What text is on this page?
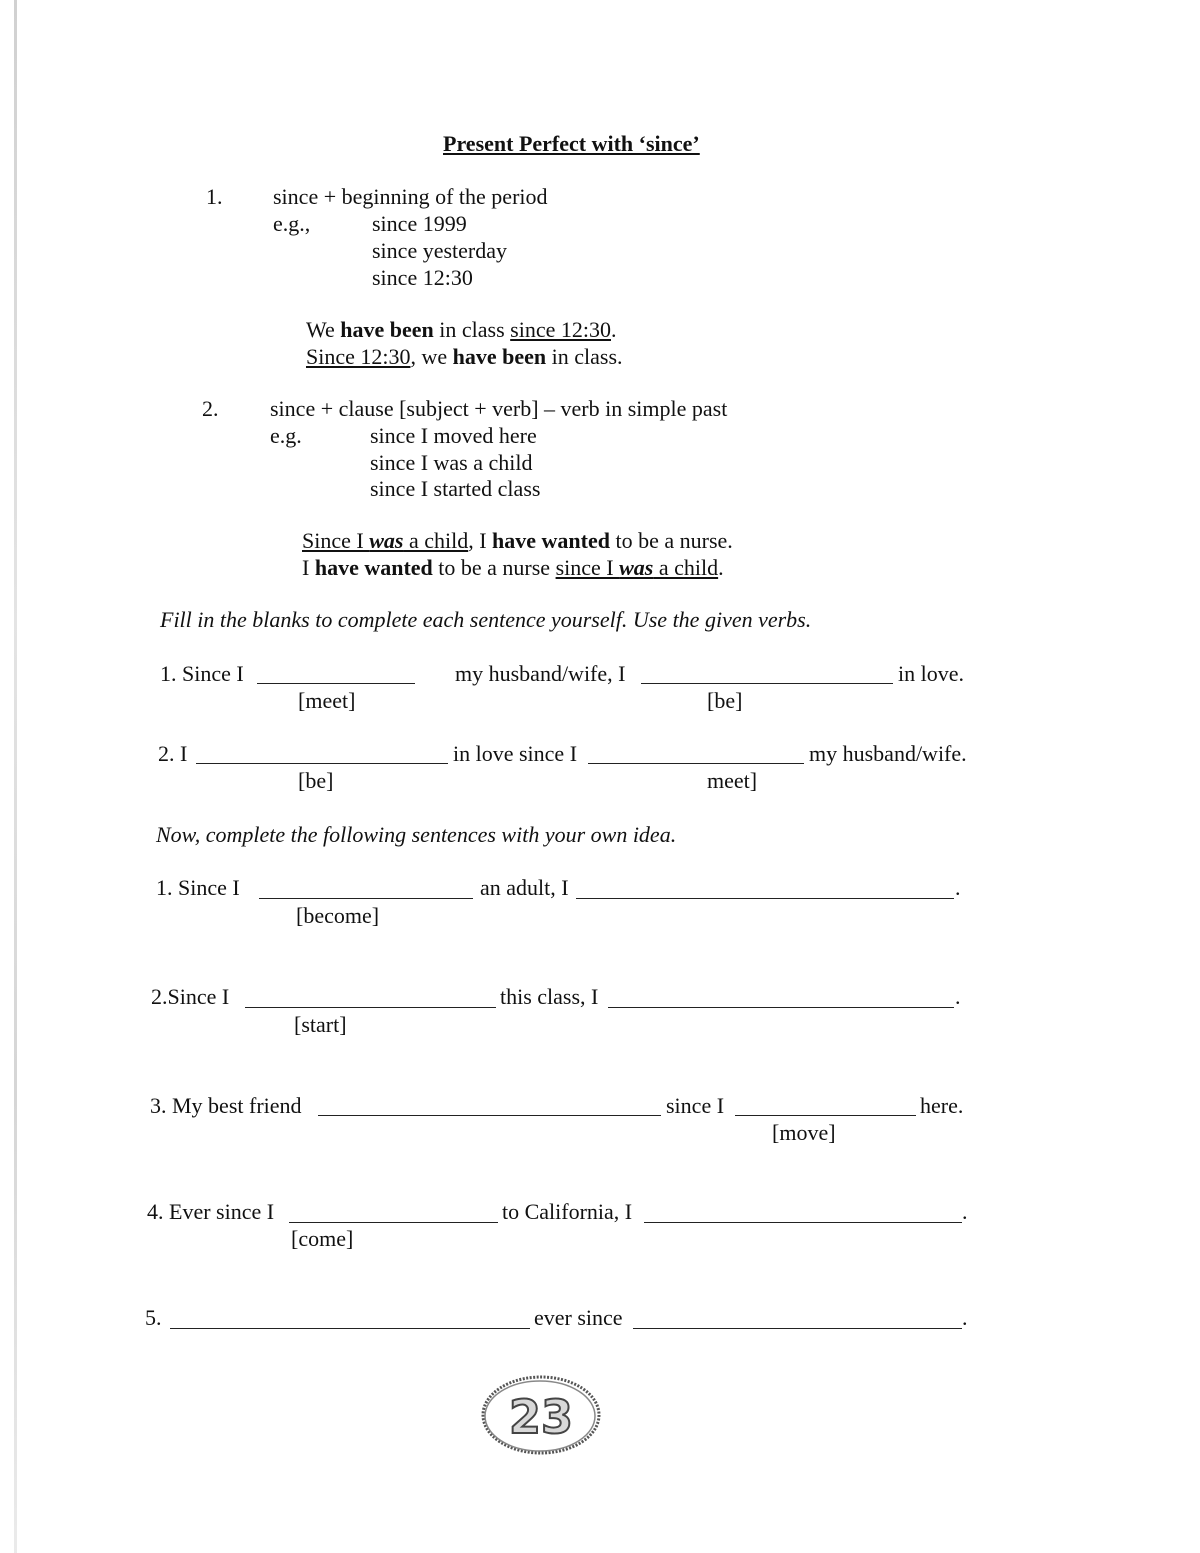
Present Perfect with ‘since’
1. since + beginning of the period
e.g.,	since 1999
since yesterday
since 12:30
We have been in class since 12:30.
Since 12:30, we have been in class.
2. since + clause [subject + verb] – verb in simple past
e.g.	since I moved here
since I was a child
since I started class
Since I was a child, I have wanted to be a nurse.
I have wanted to be a nurse since I was a child.
Fill in the blanks to complete each sentence yourself. Use the given verbs.
1. Since I	my husband/wife, I	in love.
[meet]	[be]
2. I	in love since I	my husband/wife.
[be]	meet]
Now, complete the following sentences with your own idea.
1. Since I	an adult, I	.
[become]
2.Since I	this class, I	.
[start]
3. My best friend	since I	here.
[move]
4. Ever since I	to California, I	.
[come]
5.	ever since	.
23
